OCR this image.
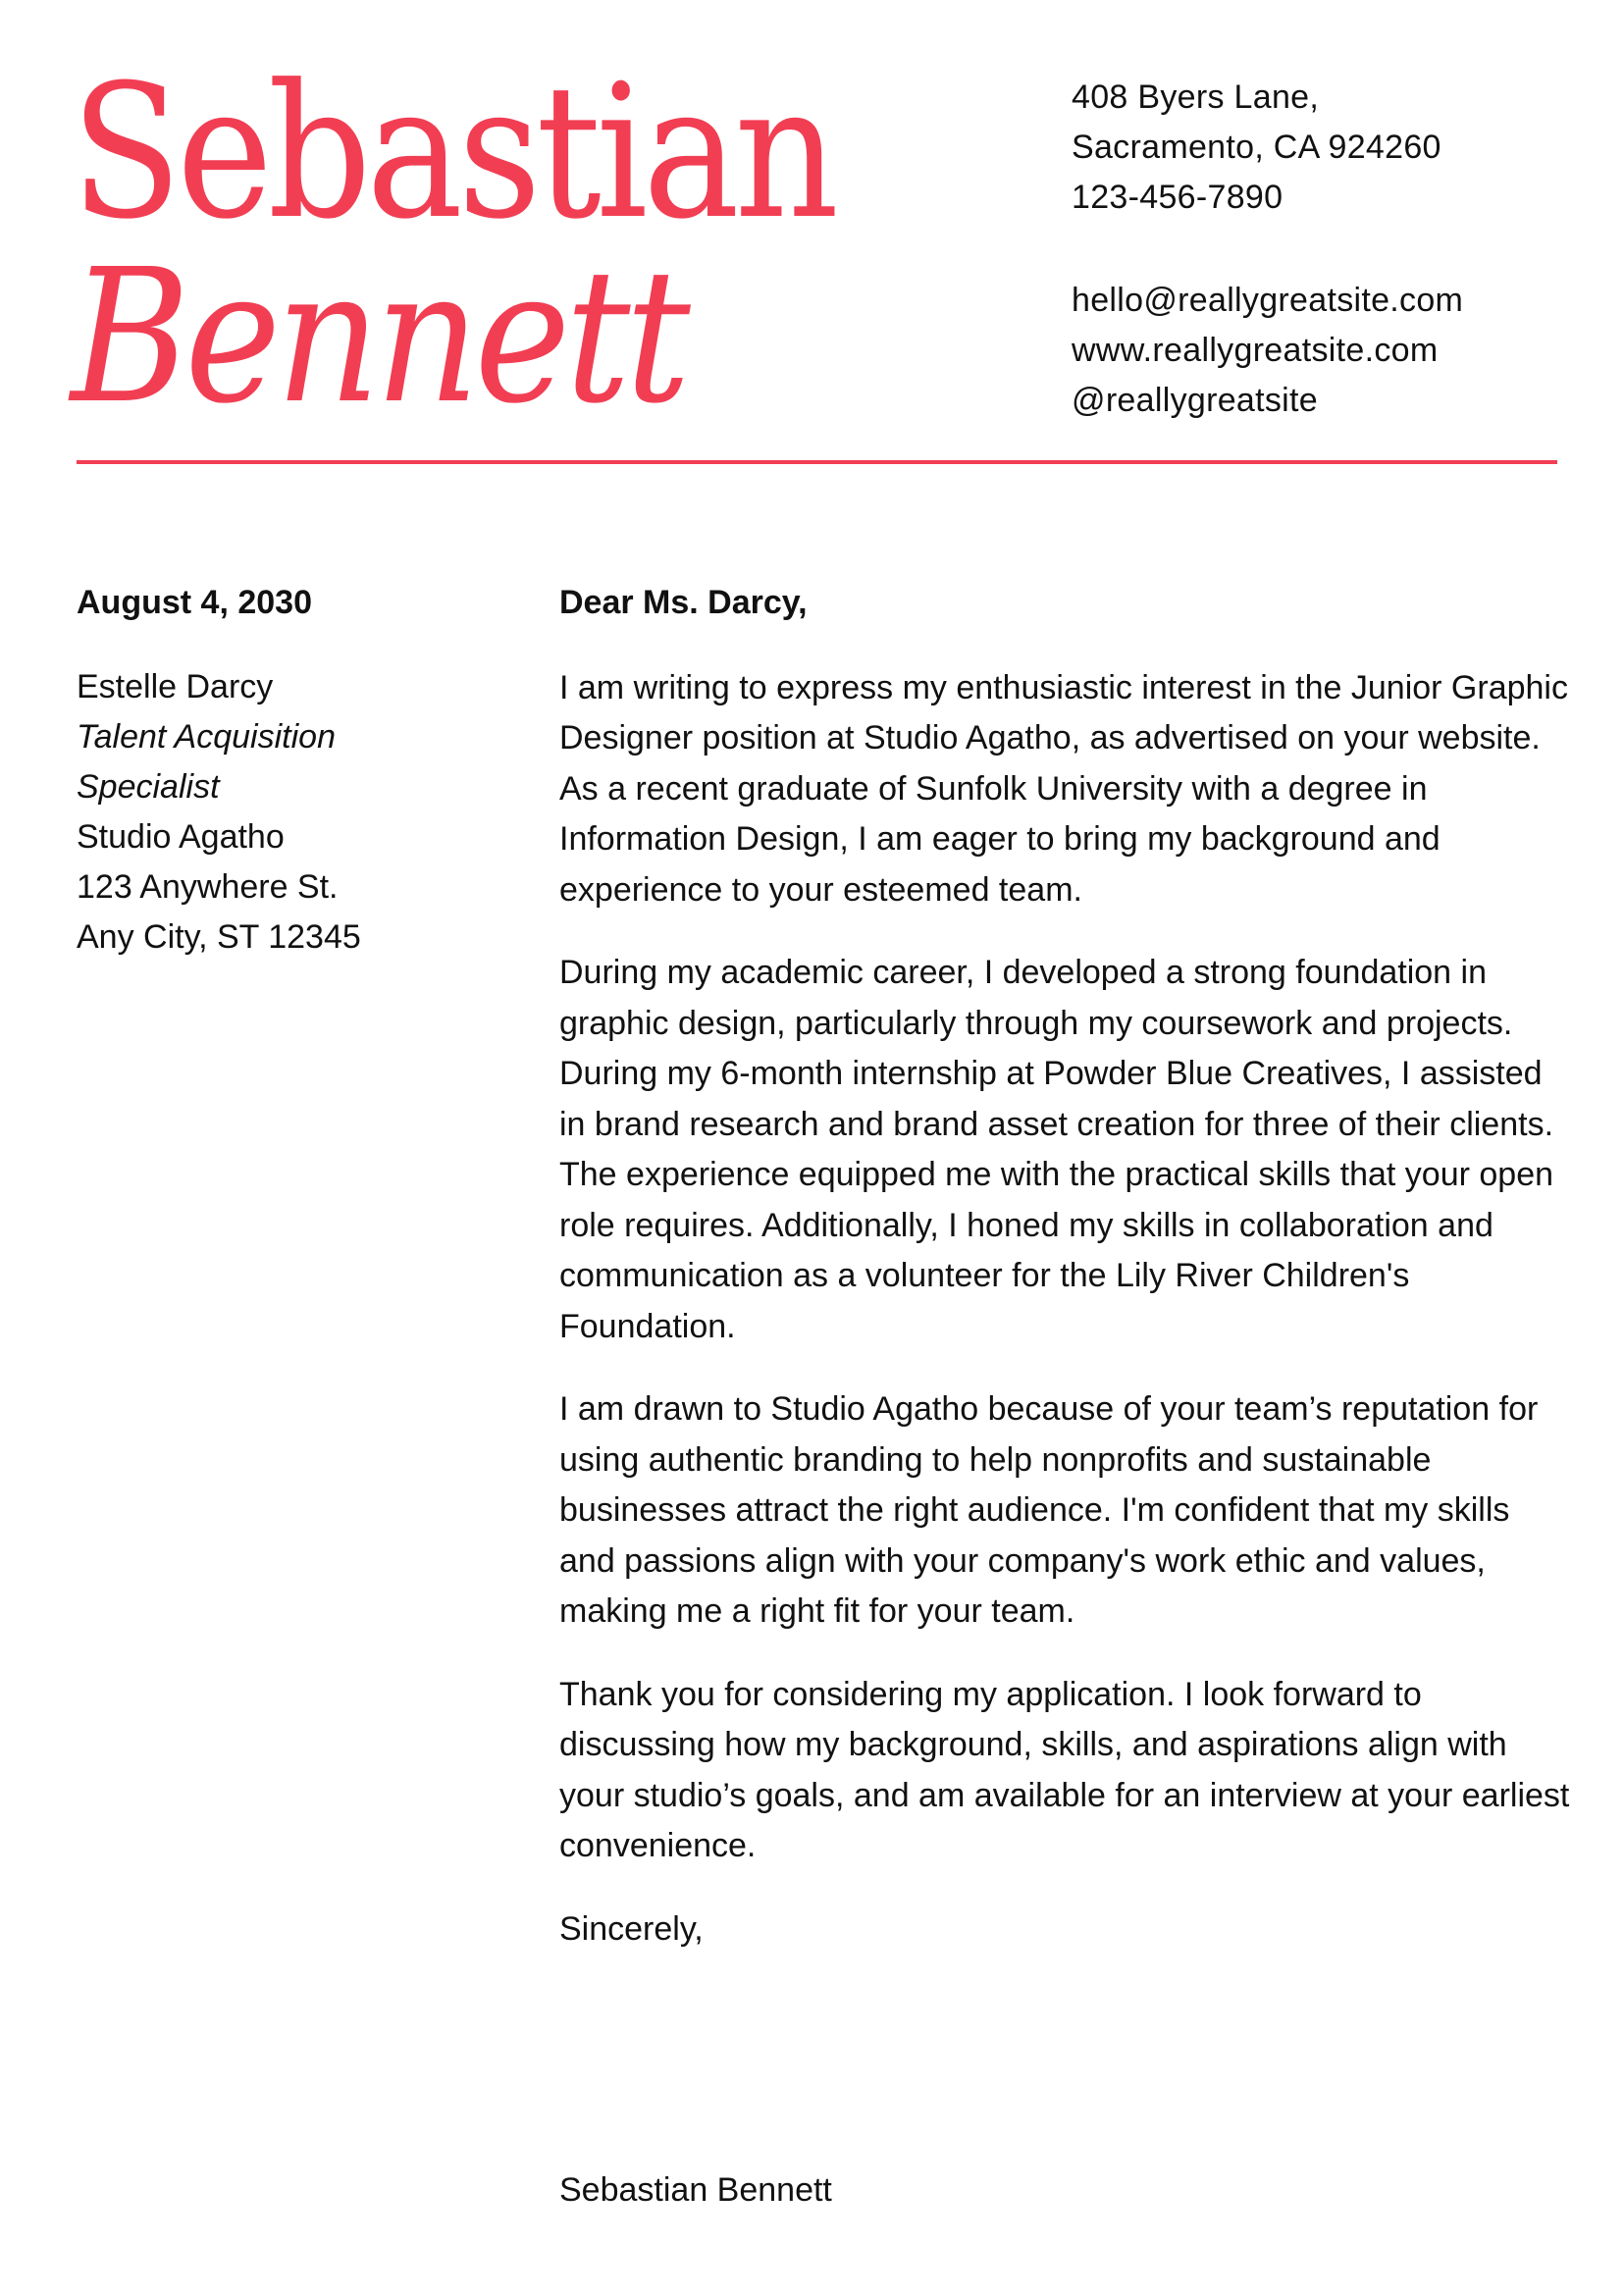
Sebastian
Bennett
408 Byers Lane,
Sacramento, CA 924260
123-456-7890
hello@reallygreatsite.com
www.reallygreatsite.com
@reallygreatsite
August 4, 2030
Estelle Darcy
Talent Acquisition
Specialist
Studio Agatho
123 Anywhere St.
Any City, ST 12345
Dear Ms. Darcy,

I am writing to express my enthusiastic interest in the Junior Graphic Designer position at Studio Agatho, as advertised on your website. As a recent graduate of Sunfolk University with a degree in Information Design, I am eager to bring my background and experience to your esteemed team.

During my academic career, I developed a strong foundation in graphic design, particularly through my coursework and projects. During my 6-month internship at Powder Blue Creatives, I assisted in brand research and brand asset creation for three of their clients. The experience equipped me with the practical skills that your open role requires. Additionally, I honed my skills in collaboration and communication as a volunteer for the Lily River Children's Foundation.

I am drawn to Studio Agatho because of your team’s reputation for using authentic branding to help nonprofits and sustainable businesses attract the right audience. I'm confident that my skills and passions align with your company's work ethic and values, making me a right fit for your team.

Thank you for considering my application. I look forward to discussing how my background, skills, and aspirations align with your studio’s goals, and am available for an interview at your earliest convenience.

Sincerely,
Sebastian Bennett
